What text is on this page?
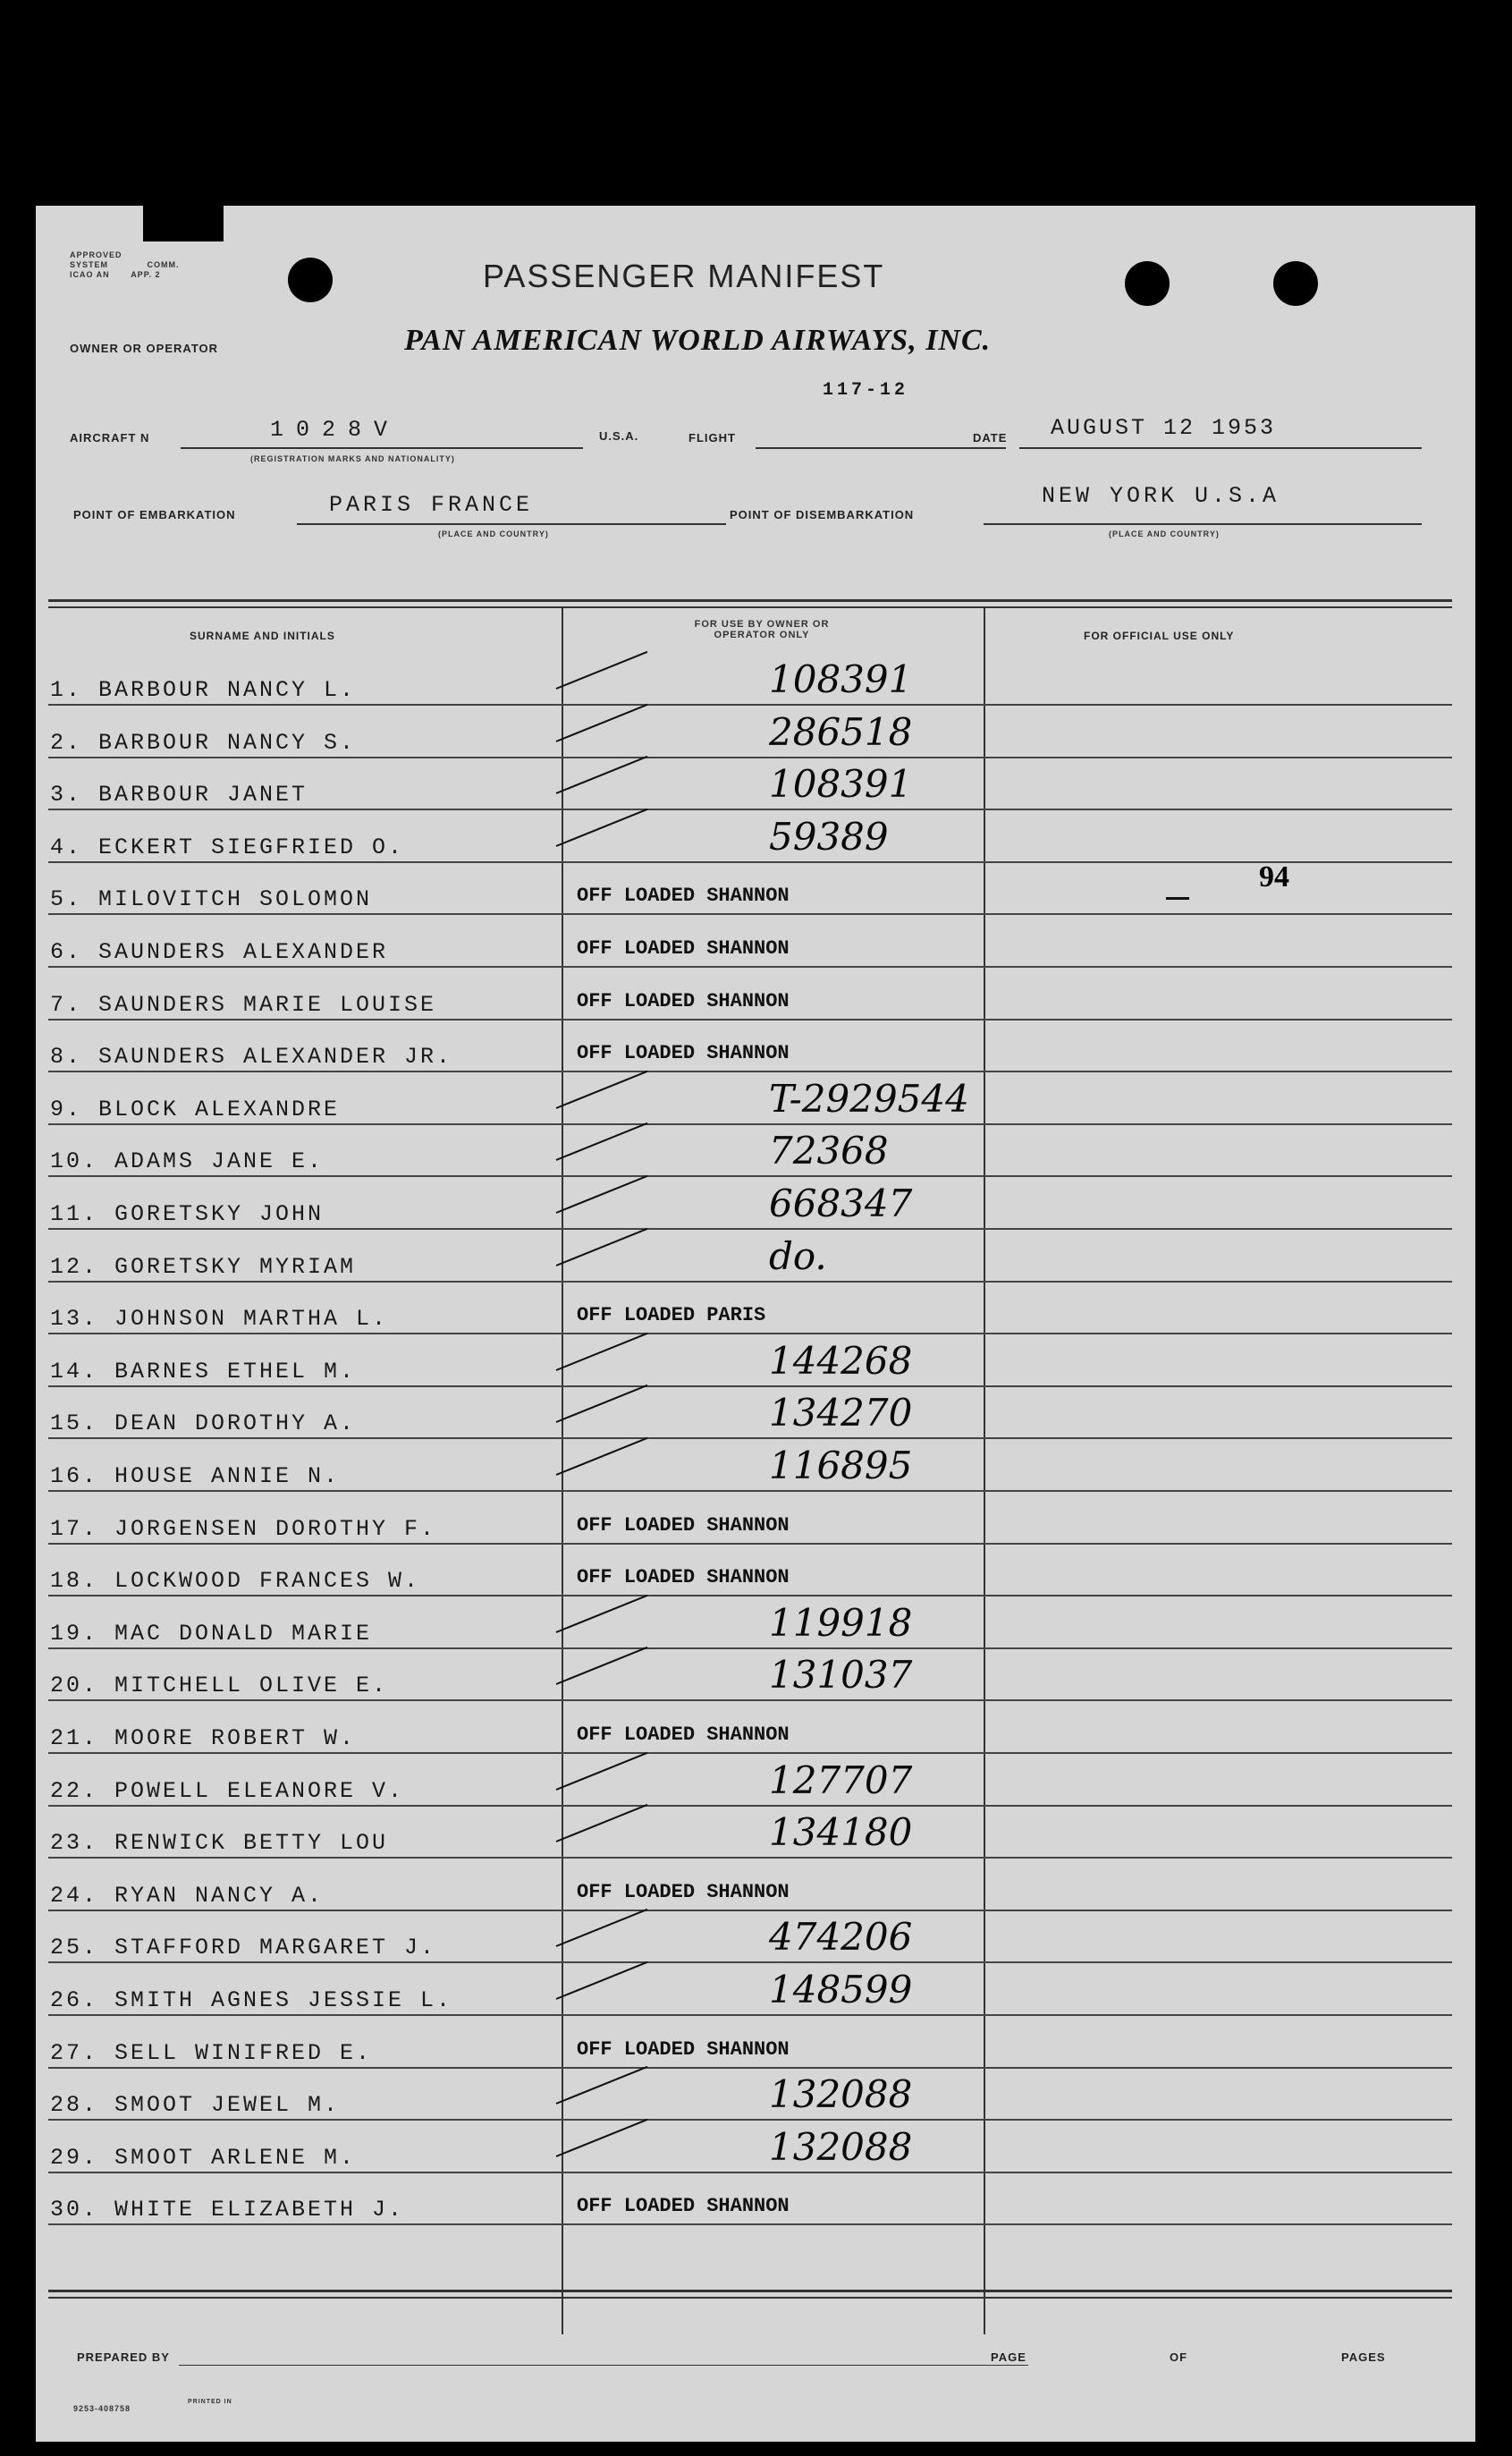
APPROVED
SYSTEM	COMM.
ICAO AN	APP. 2	PASSENGER MANIFEST
OWNER OR OPERATOR	PAN AMERICAN WORLD AIRWAYS, INC.
117-12
AIRCRAFT N	1028V
(REGISTRATION MARKS AND NATIONALITY)
U.S.A.	FLIGHT	DATE AUGUST 12 1953
POINT OF EMBARKATION	PARIS FRANCE
(PLACE AND COUNTRY)
POINT OF DISEMBARKATION
NEW YORK U.S.A
(PLACE AND COUNTRY)
SURNAME AND INITIALS
FOR USE BY OWNER OR OPERATOR ONLY	FOR OFFICIAL USE ONLY
94
1. BARBOUR NANCY L.	108391
2. BARBOUR NANCY S.	286518
3. BARBOUR JANET	108391
4. ECKERT SIEGFRIED O.	59389
5. MILOVITCH SOLOMON	OFF LOADED SHANNON
6. SAUNDERS ALEXANDER	OFF LOADED SHANNON
7. SAUNDERS MARIE LOUISE	OFF LOADED SHANNON
8. SAUNDERS ALEXANDER JR.	OFF LOADED SHANNON
9. BLOCK ALEXANDRE	T-2929544
10. ADAMS JANE E.	72368
11. GORETSKY JOHN	668347
12. GORETSKY MYRIAM	do.
13. JOHNSON MARTHA L.	OFF LOADED PARIS
14. BARNES ETHEL M.	144268
15. DEAN DOROTHY A.	134270
16. HOUSE ANNIE N.	116895
17. JORGENSEN DOROTHY F.	OFF LOADED SHANNON
18. LOCKWOOD FRANCES W.	OFF LOADED SHANNON
19. MAC DONALD MARIE	119918
20. MITCHELL OLIVE E.	131037
21. MOORE ROBERT W.	OFF LOADED SHANNON
22. POWELL ELEANORE V.	127707
23. RENWICK BETTY LOU	134180
24. RYAN NANCY A.	OFF LOADED SHANNON
25. STAFFORD MARGARET J.	474206
26. SMITH AGNES JESSIE L.	148599
27. SELL WINIFRED E.	OFF LOADED SHANNON
28. SMOOT JEWEL M.	132088
29. SMOOT ARLENE M.	132088
30. WHITE ELIZABETH J.	OFF LOADED SHANNON
PREPARED BY	PAGE	OF	PAGES
9253-408758
PRINTED IN
